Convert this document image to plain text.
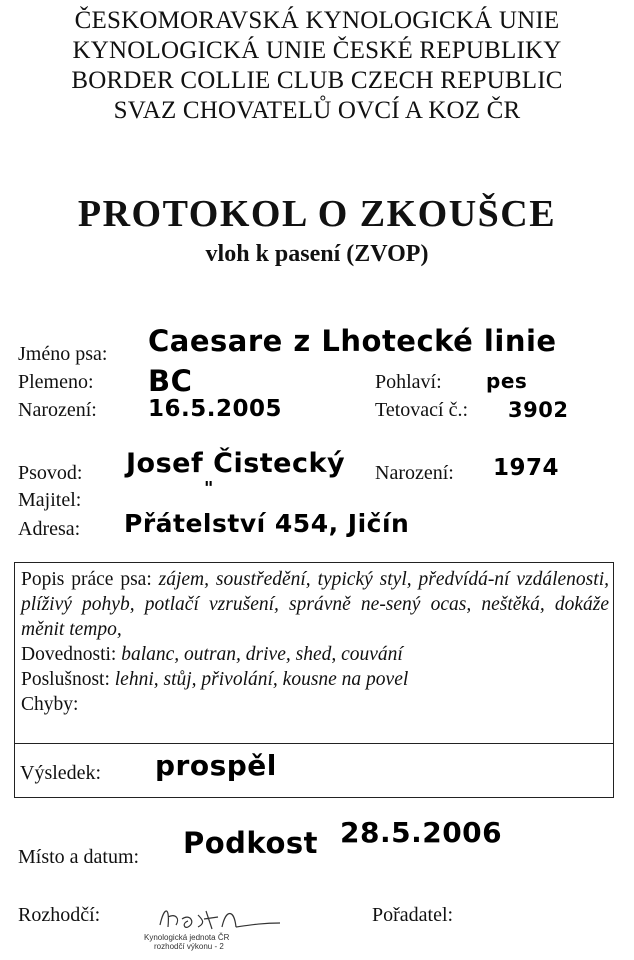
ČESKOMORAVSKÁ KYNOLOGICKÁ UNIE

KYNOLOGICKÁ UNIE ČESKÉ REPUBLIKY

BORDER COLLIE CLUB CZECH REPUBLIC

SVAZ CHOVATELŮ OVCÍ A KOZ ČR

PROTOKOL O ZKOUŠCE
vloh k pasení (ZVOP)
Jméno psa: Caesare z Lhotecké linie
Plemeno: BC	Pohlaví: pes
Narození: 16.5.2005	Tetovací č.: 3902
Psovod: Josef Čistecký Narození: 1974
Majitel:
"
Adresa: Přátelství 454, Jičín

Popis práce psa: zájem, soustředění, typický styl, předvídá-ní vzdálenosti, plíživý pohyb, potlačí vzrušení, správně ne-sený ocas, neštěká, dokáže měnit tempo,

Dovednosti: balanc, outran, drive, shed, couvání

Poslušnost: lehni, stůj, přivolání, kousne na povel

Chyby:

Výsledek: prospěl
Místo a datum: Podkost 28.5.2006
Rozhodčí:	Pořadatel:
Kynologická jednota ČR
rozhodčí výkonu - 2
